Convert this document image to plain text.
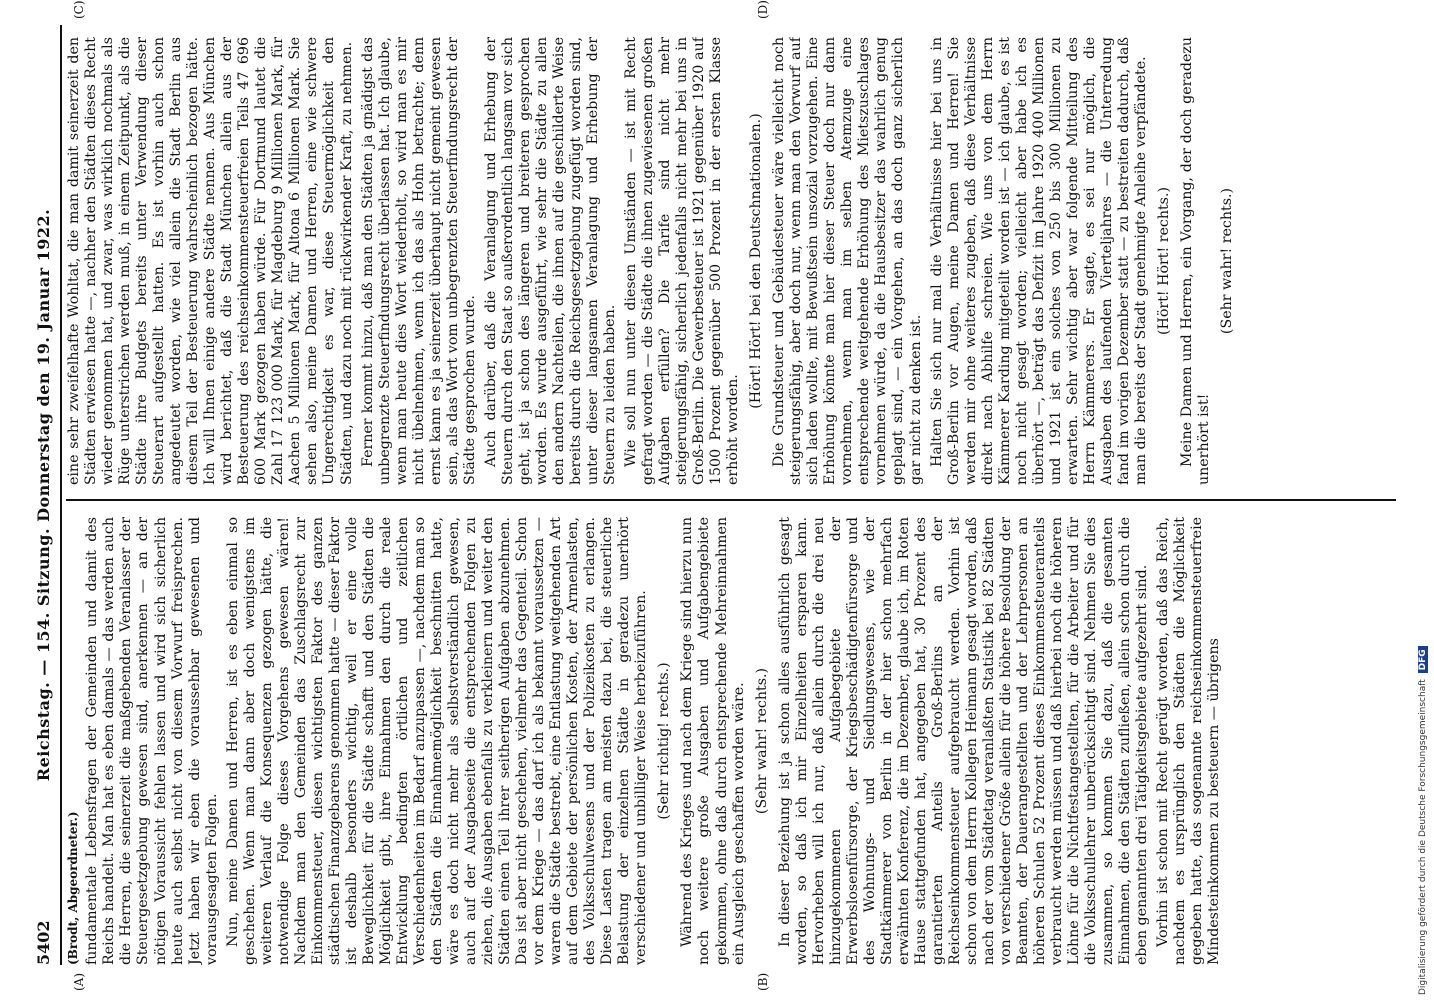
5402
Reichstag. — 154. Sitzung. Donnerstag den 19. Januar 1922.
(A)	(B)
(C)	(D)

(Brodt, Abgeordneter.) fundamentale Lebensfragen der Gemeinden und damit des Reichs handelt. Man hat es eben damals — das werden auch die Herren, die seinerzeit die maßgebenden Veranlasser der Steuergesetzgebung gewesen sind, anerkennen — an der nötigen Voraussicht fehlen lassen und wird sich sicherlich heute auch selbst nicht von diesem Vorwurf freisprechen. Jetzt haben wir eben die voraussehbar gewesenen und vorausgesagten Folgen. Nun, meine Damen und Herren, ist es eben einmal so geschehen. Wenn man dann aber doch wenigstens im weiteren Verlauf die Konsequenzen gezogen hätte, die notwendige Folge dieses Vorgehens gewesen wären! Nachdem man den Gemeinden das Zuschlagsrecht zur Einkommensteuer, diesen wichtigsten Faktor des ganzen städtischen Finanzgebarens genommen hatte — dieser Faktor ist deshalb besonders wichtig, weil er eine volle Beweglichkeit für die Städte schafft und den Städten die Möglichkeit gibt, ihre Einnahmen den durch die reale Entwicklung bedingten örtlichen und zeitlichen Verschiedenheiten im Bedarf anzupassen —, nachdem man so den Städten die Einnahmemöglichkeit beschnitten hatte, wäre es doch nicht mehr als selbstverständlich gewesen, auch auf der Ausgabeseite die entsprechenden Folgen zu ziehen, die Ausgaben ebenfalls zu verkleinern und weiter den Städten einen Teil ihrer seitherigen Aufgaben abzunehmen. Das ist aber nicht geschehen, vielmehr das Gegenteil. Schon vor dem Kriege — das darf ich als bekannt voraussetzen — waren die Städte bestrebt, eine Entlastung weitgehenden Art auf dem Gebiete der persönlichen Kosten, der Armenlasten, des Volksschulwesens und der Polizeikosten zu erlangen. Diese Lasten tragen am meisten dazu bei, die steuerliche Belastung der einzelnen Städte in geradezu unerhört verschiedener und unbilliger Weise herbeizuführen. (Sehr richtig! rechts.) Während des Krieges und nach dem Kriege sind hierzu nun noch weitere große Ausgaben und Aufgabengebiete gekommen, ohne daß durch entsprechende Mehreinnahmen ein Ausgleich geschaffen worden wäre. (Sehr wahr! rechts.) In dieser Beziehung ist ja schon alles ausführlich gesagt worden, so daß ich mir Einzelheiten ersparen kann. Hervorheben will ich nur, daß allein durch die drei neu hinzugekommenen Aufgabegebiete der Erwerbslosenfürsorge, der Kriegsbeschädigtenfürsorge und des Wohnungs- und Siedlungswesens, wie der Stadtkämmerer von Berlin in der hier schon mehrfach erwähnten Konferenz, die im Dezember, glaube ich, im Roten Hause stattgefunden hat, angegeben hat, 30 Prozent des garantierten Anteils Groß-Berlins an der Reichseinkommensteuer aufgebraucht werden. Vorhin ist schon von dem Herrn Kollegen Heimann gesagt worden, daß nach der vom Städtetag veranlaßten Statistik bei 82 Städten von verschiedener Größe allein für die höhere Besoldung der Beamten, der Dauerangestellten und der Lehrpersonen an höheren Schulen 52 Prozent dieses Einkommensteueranteils verbraucht werden müssen und daß hierbei noch die höheren Löhne für die Nichtfestangestellten, für die Arbeiter und für die Volksschullehrer unberücksichtigt sind. Nehmen Sie dies zusammen, so kommen Sie dazu, daß die gesamten Einnahmen, die den Städten zufließen, allein schon durch die eben genannten drei Tätigkeitsgebiete aufgezehrt sind. Vorhin ist schon mit Recht gerügt worden, daß das Reich, nachdem es ursprünglich den Städten die Möglichkeit gegeben hatte, das sogenannte reichseinkommensteuerfreie Mindesteinkommen zu besteuern — übrigens

eine sehr zweifelhafte Wohltat, die man damit seinerzeit den Städten erwiesen hatte —, nachher den Städten dieses Recht wieder genommen hat, und zwar, was wirklich nochmals als Rüge unterstrichen werden muß, in einem Zeitpunkt, als die Städte ihre Budgets bereits unter Verwendung dieser Steuerart aufgestellt hatten. Es ist vorhin auch schon angedeutet worden, wie viel allein die Stadt Berlin aus diesem Teil der Besteuerung wahrscheinlich bezogen hätte. Ich will Ihnen einige andere Städte nennen. Aus München wird berichtet, daß die Stadt München allein aus der Besteuerung des reichseinkommensteuerfreien Teils 47 696 600 Mark gezogen haben würde. Für Dortmund lautet die Zahl 17 123 000 Mark, für Magdeburg 9 Millionen Mark, für Aachen 5 Millionen Mark, für Altona 6 Millionen Mark. Sie sehen also, meine Damen und Herren, eine wie schwere Ungerechtigkeit es war, diese Steuermöglichkeit den Städten, und dazu noch mit rückwirkender Kraft, zu nehmen. Ferner kommt hinzu, daß man den Städten ja gnädigst das unbegrenzte Steuerfindungsrecht überlassen hat. Ich glaube, wenn man heute dies Wort wiederholt, so wird man es mir nicht übelnehmen, wenn ich das als Hohn betrachte; denn ernst kann es ja seinerzeit überhaupt nicht gemeint gewesen sein, als das Wort vom unbegrenzten Steuerfindungsrecht der Städte gesprochen wurde. Auch darüber, daß die Veranlagung und Erhebung der Steuern durch den Staat so außerordentlich langsam vor sich geht, ist ja schon des längeren und breiteren gesprochen worden. Es wurde ausgeführt, wie sehr die Städte zu allen den andern Nachteilen, die ihnen auf die geschilderte Weise bereits durch die Reichsgesetzgebung zugefügt worden sind, unter dieser langsamen Veranlagung und Erhebung der Steuern zu leiden haben. Wie soll nun unter diesen Umständen — ist mit Recht gefragt worden — die Städte die ihnen zugewiesenen großen Aufgaben erfüllen? Die Tarife sind nicht mehr steigerungsfähig, sicherlich jedenfalls nicht mehr bei uns in Groß-Berlin. Die Gewerbesteuer ist 1921 gegenüber 1920 auf 1500 Prozent gegenüber 500 Prozent in der ersten Klasse erhöht worden.

(Hört! Hört! bei den Deutschnationalen.) Die Grundsteuer und Gebäudesteuer wäre vielleicht noch steigerungsfähig, aber doch nur, wenn man den Vorwurf auf sich laden wollte, mit Bewußtsein unsozial vorzugehen. Eine Erhöhung könnte man hier dieser Steuer doch nur dann vornehmen, wenn man im selben Atemzuge eine entsprechende weitgehende Erhöhung des Mietszuschlages vornehmen würde, da die Hausbesitzer das wahrlich genug geplagt sind, — ein Vorgehen, an das doch ganz sicherlich gar nicht zu denken ist. Halten Sie sich nur mal die Verhältnisse hier bei uns in Groß-Berlin vor Augen, meine Damen und Herren! Sie werden mir ohne weiteres zugeben, daß diese Verhältnisse direkt nach Abhilfe schreien. Wie uns von dem Herrn Kämmerer Karding mitgeteilt worden ist — ich glaube, es ist noch nicht gesagt worden; vielleicht aber habe ich es überhört —, beträgt das Defizit im Jahre 1920 400 Millionen und 1921 ist ein solches von 250 bis 300 Millionen zu erwarten. Sehr wichtig aber war folgende Mitteilung des Herrn Kämmerers. Er sagte, es sei nur möglich, die Ausgaben des laufenden Vierteljahres — die Unterredung fand im vorigen Dezember statt — zu bestreiten dadurch, daß man die bereits der Stadt genehmigte Anleihe verpfändete. (Hört! Hört! rechts.) Meine Damen und Herren, ein Vorgang, der doch geradezu unerhört ist!

(Sehr wahr! rechts.)

Digitalisierung gefördert durch die Deutsche Forschungsgemeinschaft DFG
